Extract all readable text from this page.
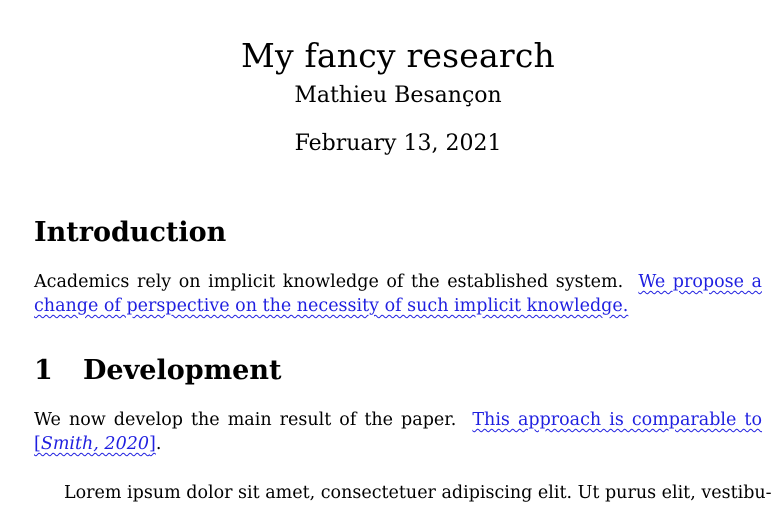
My fancy research
Mathieu Besançon
February 13, 2021
Introduction

Academics rely on implicit knowledge of the established system. We propose a
change of perspective on the necessity of such implicit knowledge.

1 Development

We now develop the main result of the paper. This approach is comparable to
[Smith, 2020].

Lorem ipsum dolor sit amet, consectetuer adipiscing elit. Ut purus elit, vestibu-
